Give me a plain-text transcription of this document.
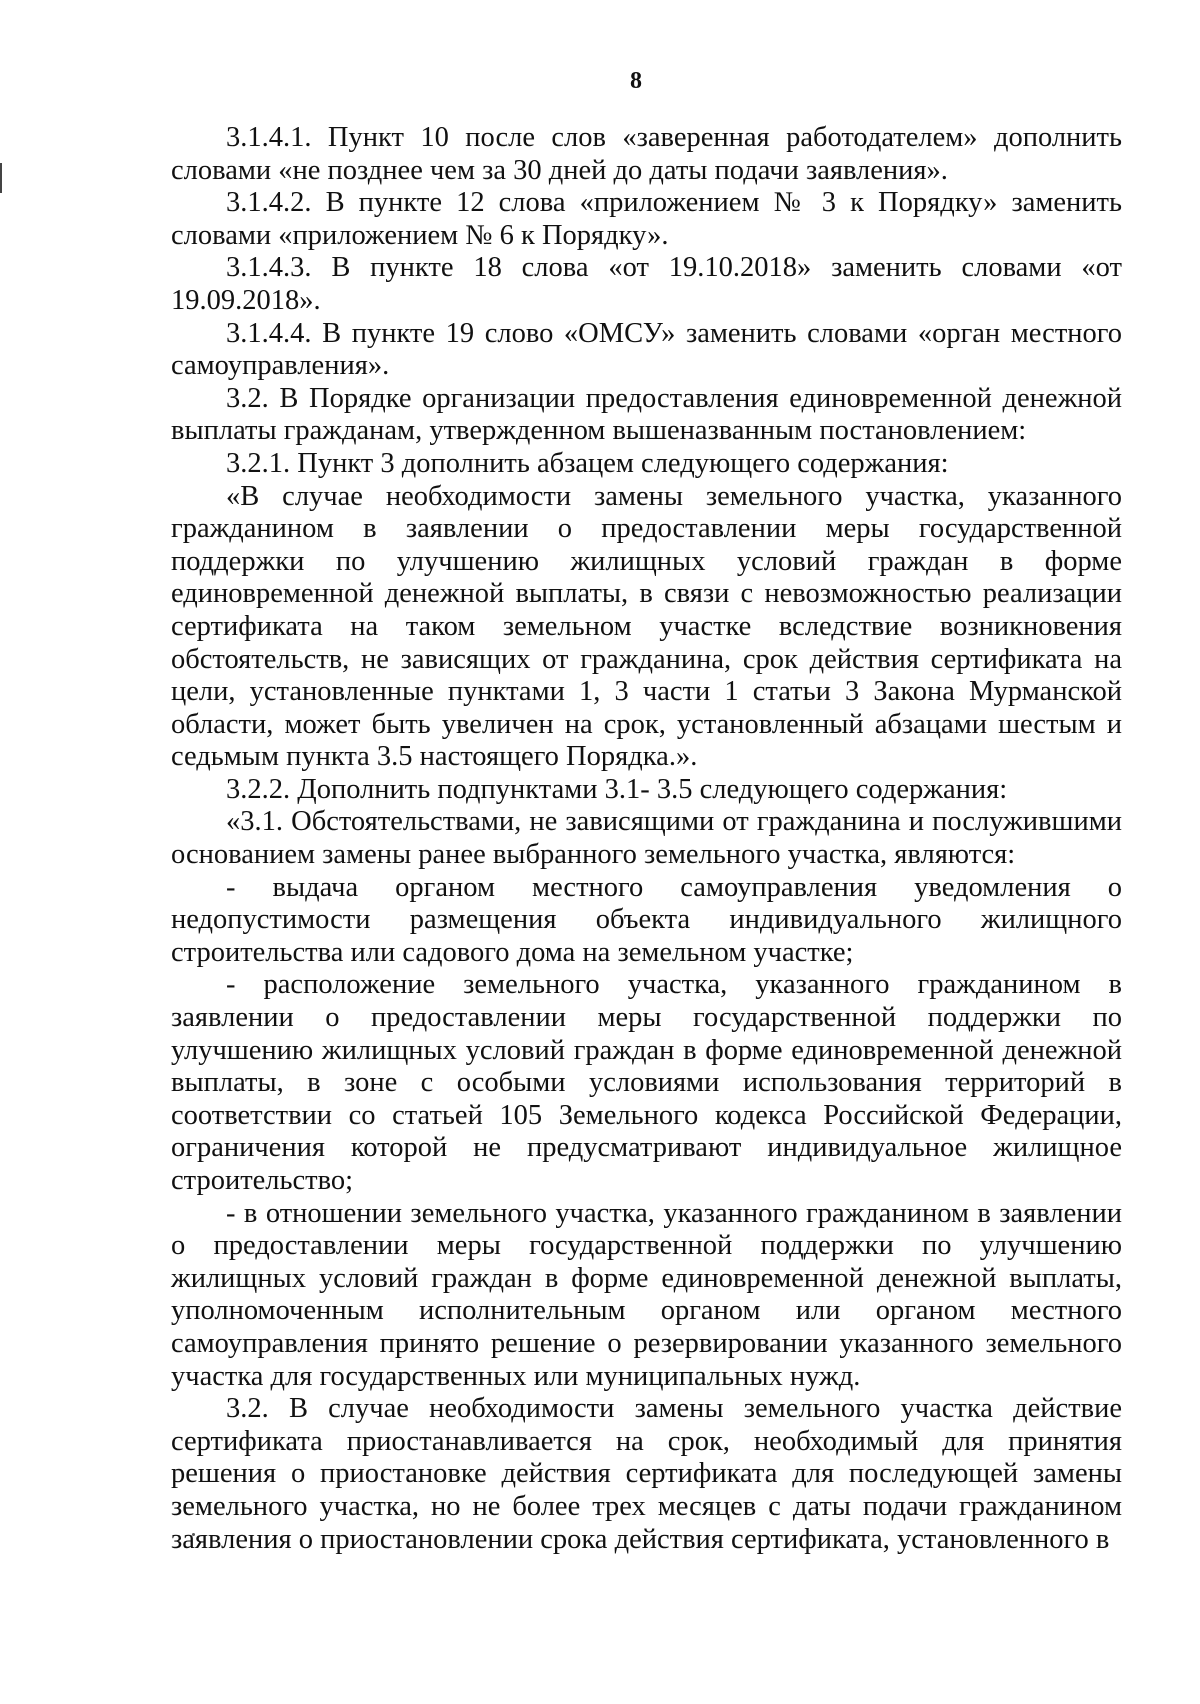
8

3.1.4.1. Пункт 10 после слов «заверенная работодателем» дополнить словами «не позднее чем за 30 дней до даты подачи заявления».

3.1.4.2. В пункте 12 слова «приложением № 3 к Порядку» заменить словами «приложением № 6 к Порядку».

3.1.4.3. В пункте 18 слова «от 19.10.2018» заменить словами «от 19.09.2018».

3.1.4.4. В пункте 19 слово «ОМСУ» заменить словами «орган местного самоуправления».

3.2. В Порядке организации предоставления единовременной денежной выплаты гражданам, утвержденном вышеназванным постановлением:

3.2.1. Пункт 3 дополнить абзацем следующего содержания:

«В случае необходимости замены земельного участка, указанного гражданином в заявлении о предоставлении меры государственной поддержки по улучшению жилищных условий граждан в форме единовременной денежной выплаты, в связи с невозможностью реализации сертификата на таком земельном участке вследствие возникновения обстоятельств, не зависящих от гражданина, срок действия сертификата на цели, установленные пунктами 1, 3 части 1 статьи 3 Закона Мурманской области, может быть увеличен на срок, установленный абзацами шестым и седьмым пункта 3.5 настоящего Порядка.».

3.2.2. Дополнить подпунктами 3.1- 3.5 следующего содержания:

«3.1. Обстоятельствами, не зависящими от гражданина и послужившими основанием замены ранее выбранного земельного участка, являются:

- выдача органом местного самоуправления уведомления о недопустимости размещения объекта индивидуального жилищного строительства или садового дома на земельном участке;

- расположение земельного участка, указанного гражданином в заявлении о предоставлении меры государственной поддержки по улучшению жилищных условий граждан в форме единовременной денежной выплаты, в зоне с особыми условиями использования территорий в соответствии со статьей 105 Земельного кодекса Российской Федерации, ограничения которой не предусматривают индивидуальное жилищное строительство;

- в отношении земельного участка, указанного гражданином в заявлении о предоставлении меры государственной поддержки по улучшению жилищных условий граждан в форме единовременной денежной выплаты, уполномоченным исполнительным органом или органом местного самоуправления принято решение о резервировании указанного земельного участка для государственных или муниципальных нужд.

3.2. В случае необходимости замены земельного участка действие сертификата приостанавливается на срок, необходимый для принятия решения о приостановке действия сертификата для последующей замены земельного участка, но не более трех месяцев с даты подачи гражданином заявления о приостановлении срока действия сертификата, установленного в
